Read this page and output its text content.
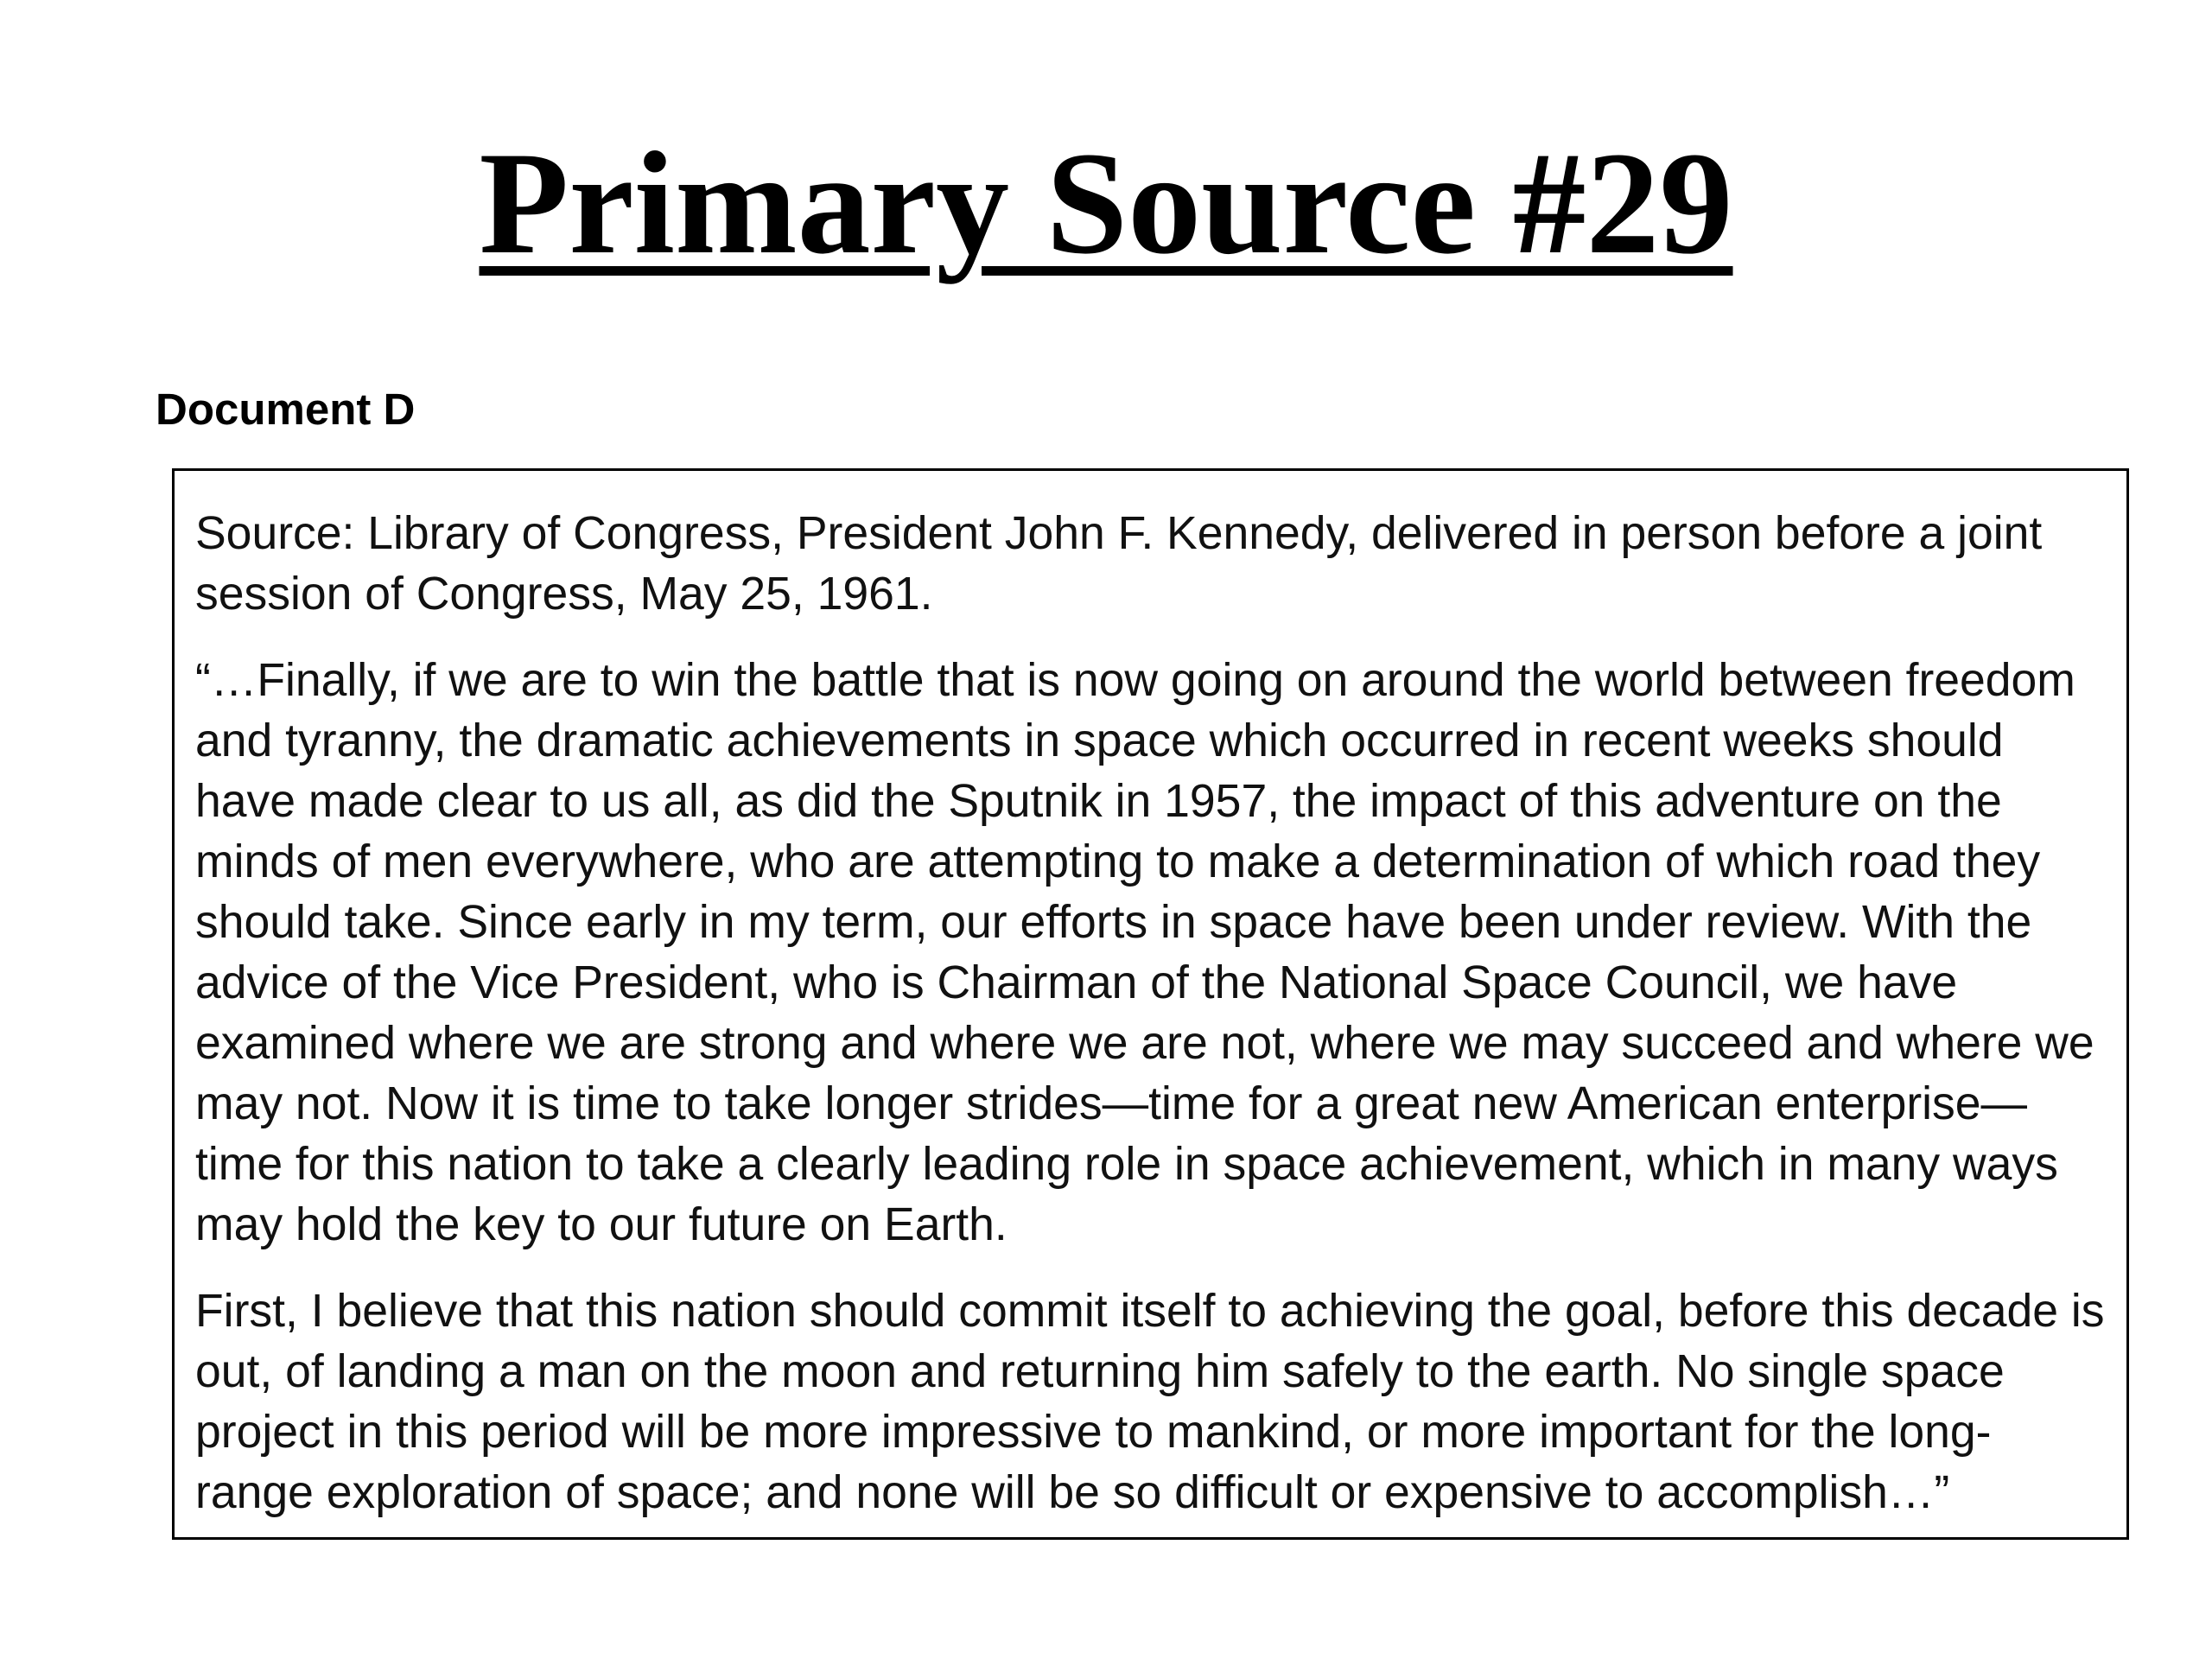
Primary Source #29
Document D

Source: Library of Congress, President John F. Kennedy, delivered in person before a joint session of Congress, May 25, 1961.

“…Finally, if we are to win the battle that is now going on around the world between freedom and tyranny, the dramatic achievements in space which occurred in recent weeks should have made clear to us all, as did the Sputnik in 1957, the impact of this adventure on the minds of men everywhere, who are attempting to make a determination of which road they should take. Since early in my term, our efforts in space have been under review. With the advice of the Vice President, who is Chairman of the National Space Council, we have examined where we are strong and where we are not, where we may succeed and where we may not. Now it is time to take longer strides—time for a great new American enterprise—time for this nation to take a clearly leading role in space achievement, which in many ways may hold the key to our future on Earth.

First, I believe that this nation should commit itself to achieving the goal, before this decade is out, of landing a man on the moon and returning him safely to the earth. No single space project in this period will be more impressive to mankind, or more important for the long-range exploration of space; and none will be so difficult or expensive to accomplish…”
